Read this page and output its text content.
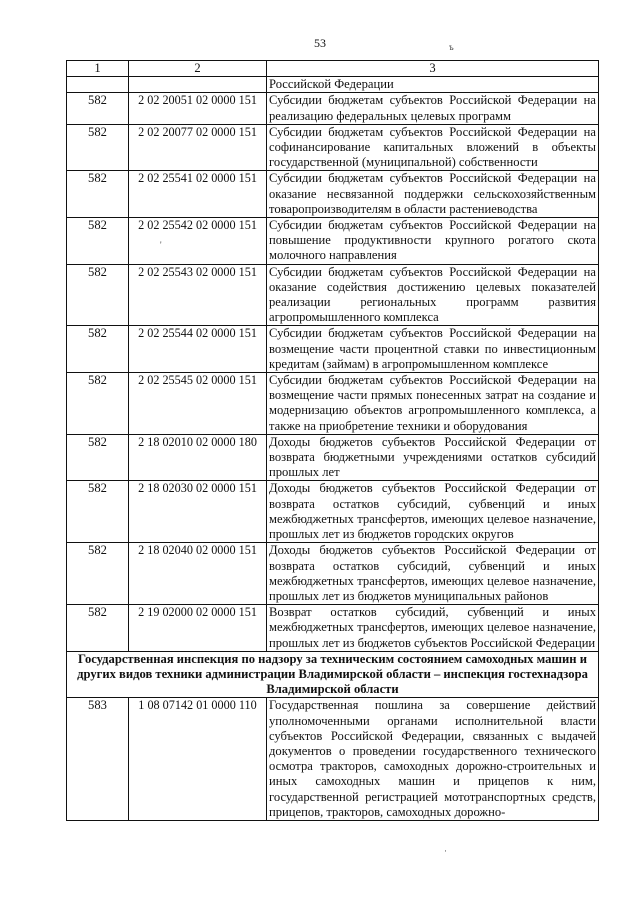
53	ъ
1	2	3
		Российской Федерации
582	2 02 20051 02 0000 151	Субсидии бюджетам субъектов Российской Федерации на реализацию федеральных целевых программ
582	2 02 20077 02 0000 151	Субсидии бюджетам субъектов Российской Федерации на софинансирование капитальных вложений в объекты государственной (муниципальной) собственности
582	2 02 25541 02 0000 151	Субсидии бюджетам субъектов Российской Федерации на оказание несвязанной поддержки сельскохозяйственным товаропроизводителям в области растениеводства
582	2 02 25542 02 0000 151	Субсидии бюджетам субъектов Российской Федерации на повышение продуктивности крупного рогатого скота молочного направления
582	2 02 25543 02 0000 151	Субсидии бюджетам субъектов Российской Федерации на оказание содействия достижению целевых показателей реализации региональных программ развития агропромышленного комплекса
582	2 02 25544 02 0000 151	Субсидии бюджетам субъектов Российской Федерации на возмещение части процентной ставки по инвестиционным кредитам (займам) в агропромышленном комплексе
582	2 02 25545 02 0000 151	Субсидии бюджетам субъектов Российской Федерации на возмещение части прямых понесенных затрат на создание и модернизацию объектов агропромышленного комплекса, а также на приобретение техники и оборудования
582	2 18 02010 02 0000 180	Доходы бюджетов субъектов Российской Федерации от возврата бюджетными учреждениями остатков субсидий прошлых лет
582	2 18 02030 02 0000 151	Доходы бюджетов субъектов Российской Федерации от возврата остатков субсидий, субвенций и иных межбюджетных трансфертов, имеющих целевое назначение, прошлых лет из бюджетов городских округов
582	2 18 02040 02 0000 151	Доходы бюджетов субъектов Российской Федерации от возврата остатков субсидий, субвенций и иных межбюджетных трансфертов, имеющих целевое назначение, прошлых лет из бюджетов муниципальных районов
582	2 19 02000 02 0000 151	Возврат остатков субсидий, субвенций и иных межбюджетных трансфертов, имеющих целевое назначение, прошлых лет из бюджетов субъектов Российской Федерации
Государственная инспекция по надзору за техническим состоянием самоходных машин и других видов техники администрации Владимирской области – инспекция гостехнадзора Владимирской области		
583	1 08 07142 01 0000 110	Государственная пошлина за совершение действий уполномоченными органами исполнительной власти субъектов Российской Федерации, связанных с выдачей документов о проведении государственного технического осмотра тракторов, самоходных дорожно-строительных и иных самоходных машин и прицепов к ним, государственной регистрацией мототранспортных средств, прицепов, тракторов, самоходных дорожно-
'
·
